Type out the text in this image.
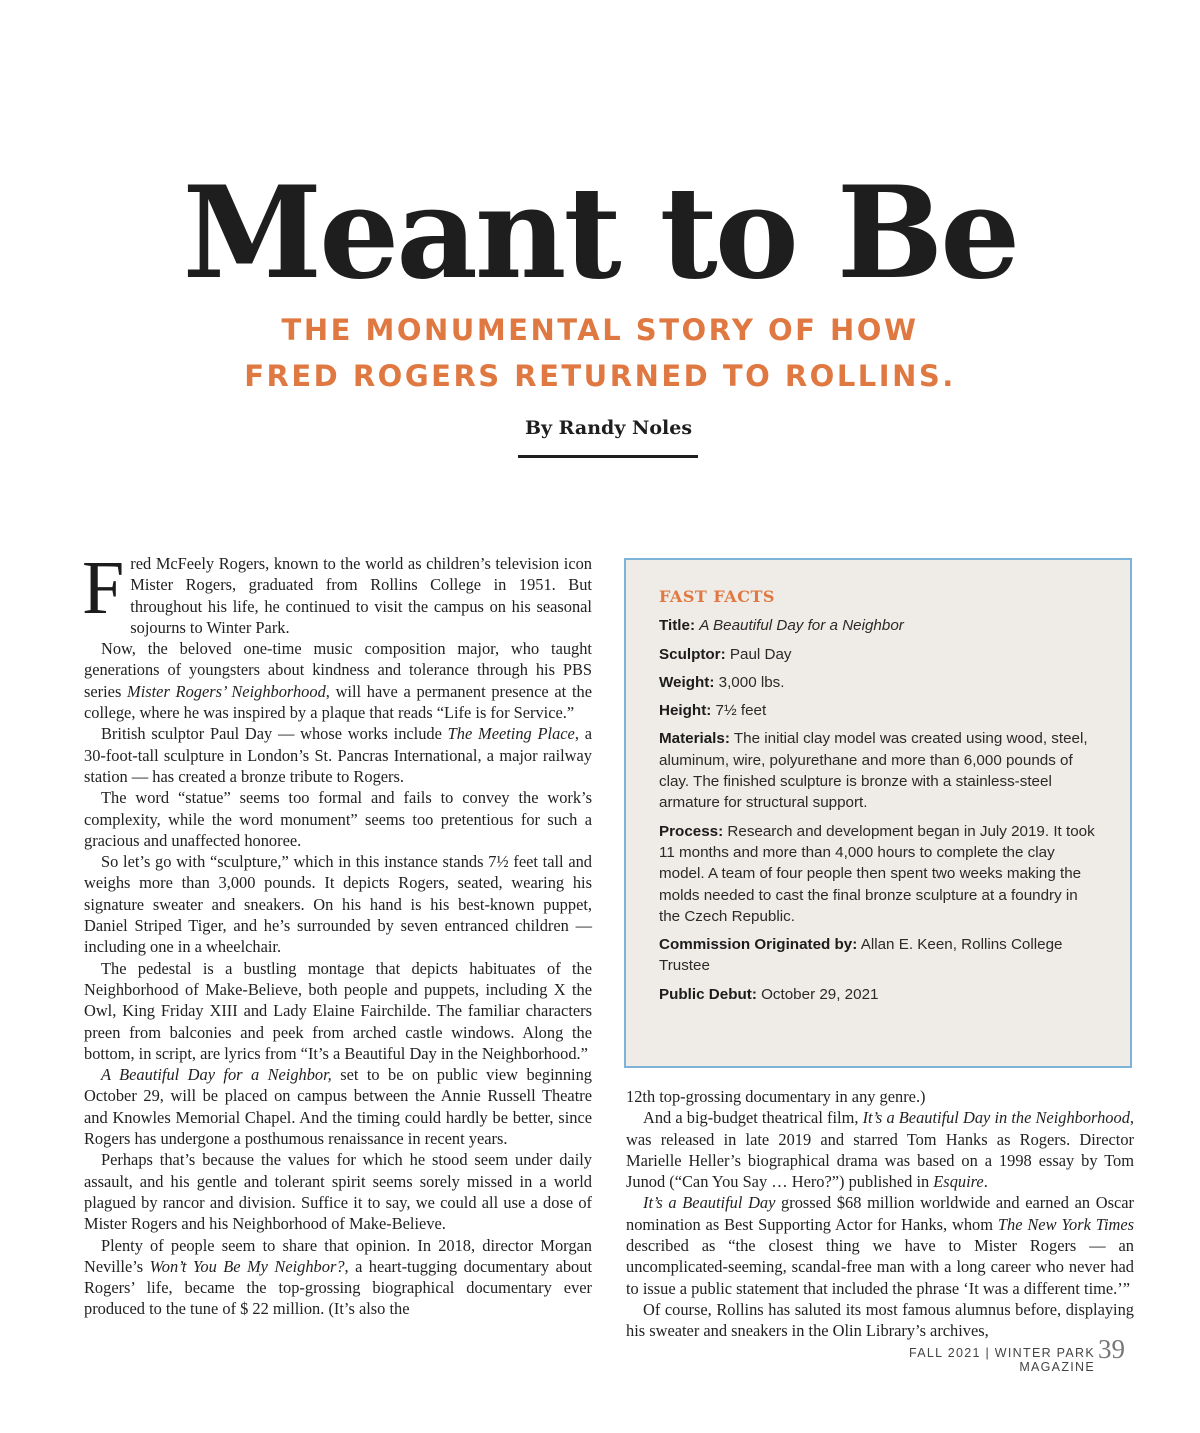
Meant to Be
THE MONUMENTAL STORY OF HOW
FRED ROGERS RETURNED TO ROLLINS.
By Randy Noles

Fred McFeely Rogers, known to the world as children’s television icon Mister Rogers, graduated from Rollins College in 1951. But throughout his life, he continued to visit the campus on his seasonal sojourns to Winter Park.

Now, the beloved one-time music composition major, who taught generations of youngsters about kindness and tolerance through his PBS series Mister Rogers’ Neighborhood, will have a permanent presence at the college, where he was inspired by a plaque that reads “Life is for Service.”

British sculptor Paul Day — whose works include The Meeting Place, a 30-foot-tall sculpture in London’s St. Pancras International, a major railway station — has created a bronze tribute to Rogers.

The word “statue” seems too formal and fails to convey the work’s complexity, while the word monument” seems too pretentious for such a gracious and unaffected honoree.

So let’s go with “sculpture,” which in this instance stands 7½ feet tall and weighs more than 3,000 pounds. It depicts Rogers, seated, wearing his signature sweater and sneakers. On his hand is his best-known puppet, Daniel Striped Tiger, and he’s surrounded by seven entranced children — including one in a wheelchair.

The pedestal is a bustling montage that depicts habituates of the Neighborhood of Make-Believe, both people and puppets, including X the Owl, King Friday XIII and Lady Elaine Fairchilde. The familiar characters preen from balconies and peek from arched castle windows. Along the bottom, in script, are lyrics from “It’s a Beautiful Day in the Neighborhood.”

A Beautiful Day for a Neighbor, set to be on public view beginning October 29, will be placed on campus between the Annie Russell Theatre and Knowles Memorial Chapel. And the timing could hardly be better, since Rogers has undergone a posthumous renaissance in recent years.

Perhaps that’s because the values for which he stood seem under daily assault, and his gentle and tolerant spirit seems sorely missed in a world plagued by rancor and division. Suffice it to say, we could all use a dose of Mister Rogers and his Neighborhood of Make-Believe.

Plenty of people seem to share that opinion. In 2018, director Morgan Neville’s Won’t You Be My Neighbor?, a heart-tugging documentary about Rogers’ life, became the top-grossing biographical documentary ever produced to the tune of $ 22 million. (It’s also the

FAST FACTS
Title: A Beautiful Day for a Neighbor
Sculptor: Paul Day
Weight: 3,000 lbs.
Height: 7½ feet
Materials: The initial clay model was created using wood, steel, aluminum, wire, polyurethane and more than 6,000 pounds of clay. The finished sculpture is bronze with a stainless-steel armature for structural support.
Process: Research and development began in July 2019. It took 11 months and more than 4,000 hours to complete the clay model. A team of four people then spent two weeks making the molds needed to cast the final bronze sculpture at a foundry in the Czech Republic.
Commission Originated by: Allan E. Keen, Rollins College Trustee
Public Debut: October 29, 2021

12th top-grossing documentary in any genre.)

And a big-budget theatrical film, It’s a Beautiful Day in the Neighborhood, was released in late 2019 and starred Tom Hanks as Rogers. Director Marielle Heller’s biographical drama was based on a 1998 essay by Tom Junod (“Can You Say … Hero?”) published in Esquire.

It’s a Beautiful Day grossed $68 million worldwide and earned an Oscar nomination as Best Supporting Actor for Hanks, whom The New York Times described as “the closest thing we have to Mister Rogers — an uncomplicated-seeming, scandal-free man with a long career who never had to issue a public statement that included the phrase ‘It was a different time.’”

Of course, Rollins has saluted its most famous alumnus before, displaying his sweater and sneakers in the Olin Library’s archives,

FALL 2021 | WINTER PARK MAGAZINE
39
